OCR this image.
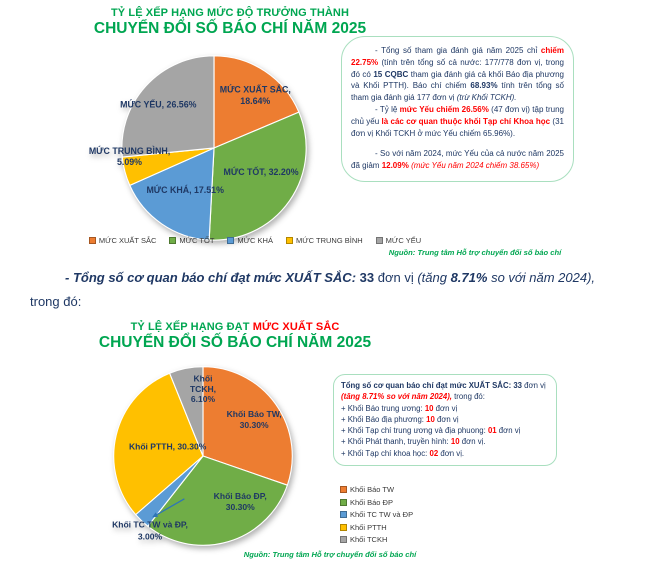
TỶ LỆ XẾP HẠNG MỨC ĐỘ TRƯỞNG THÀNH
CHUYỂN ĐỔI SỐ BÁO CHÍ NĂM 2025
MỨC XUẤT SẮC, 18.64%
MỨC TỐT, 32.20%
MỨC KHÁ, 17.51%
MỨC TRUNG BÌNH, 5.09%
MỨC YẾU, 26.56%

- Tổng số tham gia đánh giá năm 2025 chỉ chiếm 22.75% (tính trên tổng số cả nước: 177/778 đơn vị, trong đó có 15 CQBC tham gia đánh giá cả khối Báo địa phương và Khối PTTH). Báo chí chiếm 68.93% tính trên tổng số tham gia đánh giá 177 đơn vị (trừ Khối TCKH).

- Tỷ lệ mức Yếu chiếm 26.56% (47 đơn vị) tập trung chủ yếu là các cơ quan thuộc khối Tạp chí Khoa học (31 đơn vị Khối TCKH ở mức Yếu chiếm 65.96%).

- So với năm 2024, mức Yếu của cả nước năm 2025 đã giảm 12.09% (mức Yếu năm 2024 chiếm 38.65%)

MỨC XUẤT SẮC	MỨC TỐT	MỨC KHÁ	MỨC TRUNG BÌNH	MỨC YẾU
Nguồn: Trung tâm Hỗ trợ chuyển đổi số báo chí
- Tổng số cơ quan báo chí đạt mức XUẤT SẮC: 33 đơn vị (tăng 8.71% so với năm 2024),
trong đó:
TỶ LỆ XẾP HẠNG ĐẠT MỨC XUẤT SẮC
CHUYỂN ĐỔI SỐ BÁO CHÍ NĂM 2025
Khối Báo TW, 30.30%
Khối Báo ĐP, 30.30%
Khối TC TW và ĐP, 3.00%
Khối PTTH, 30.30%
Khối TCKH, 6.10%

Tổng số cơ quan báo chí đạt mức XUẤT SẮC: 33 đơn vị

(tăng 8.71% so với năm 2024), trong đó:

+ Khối Báo trung ương: 10 đơn vị

+ Khối Báo địa phương: 10 đơn vị

+ Khối Tạp chí trung ương và địa phuong: 01 đơn vị

+ Khối Phát thanh, truyền hình: 10 đơn vị.

+ Khối Tạp chí khoa học: 02 đơn vị.

Khối Báo TW
Khối Báo ĐP
Khối TC TW và ĐP
Khối PTTH
Khối TCKH
Nguồn: Trung tâm Hỗ trợ chuyển đổi số báo chí
